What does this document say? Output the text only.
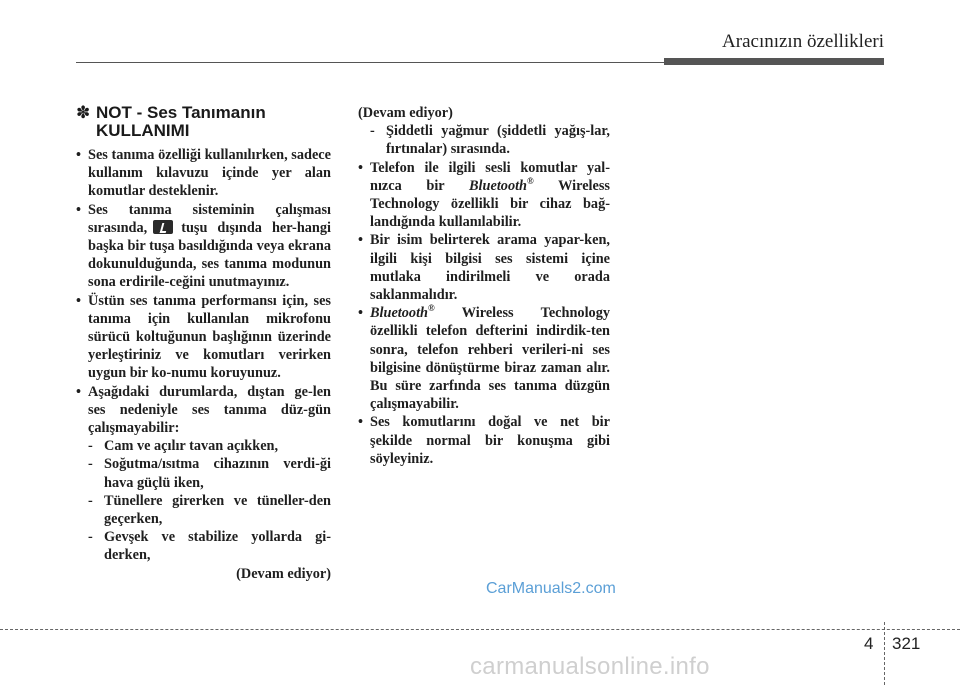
Aracınızın özellikleri
✽ NOT - Ses Tanımanın KULLANIMI
• Ses tanıma özelliği kullanılırken, sadece kullanım kılavuzu içinde yer alan komutlar desteklenir.
• Ses tanıma sisteminin çalışması sırasında, tuşu dışında her-hangi başka bir tuşa basıldığında veya ekrana dokunulduğunda, ses tanıma modunun sona erdirile-ceğini unutmayınız.
• Üstün ses tanıma performansı için, ses tanıma için kullanılan mikrofonu sürücü koltuğunun başlığının üzerinde yerleştiriniz ve komutları verirken uygun bir ko-numu koruyunuz.
• Aşağıdaki durumlarda, dıştan ge-len ses nedeniyle ses tanıma düz-gün çalışmayabilir:
- Cam ve açılır tavan açıkken,
- Soğutma/ısıtma cihazının verdi-ği hava güçlü iken,
- Tünellere girerken ve tüneller-den geçerken,
- Gevşek ve stabilize yollarda gi-derken,
(Devam ediyor)
(Devam ediyor)
- Şiddetli yağmur (şiddetli yağış-lar, fırtınalar) sırasında.
• Telefon ile ilgili sesli komutlar yal-nızca bir Bluetooth® Wireless Technology özellikli bir cihaz bağ-landığında kullanılabilir.
• Bir isim belirterek arama yapar-ken, ilgili kişi bilgisi ses sistemi içine mutlaka indirilmeli ve orada saklanmalıdır.
• Bluetooth® Wireless Technology özellikli telefon defterini indirdik-ten sonra, telefon rehberi verileri-ni ses bilgisine dönüştürme biraz zaman alır. Bu süre zarfında ses tanıma düzgün çalışmayabilir.
• Ses komutlarını doğal ve net bir şekilde normal bir konuşma gibi söyleyiniz.
CarManuals2.com
4 321
carmanualsonline.info
